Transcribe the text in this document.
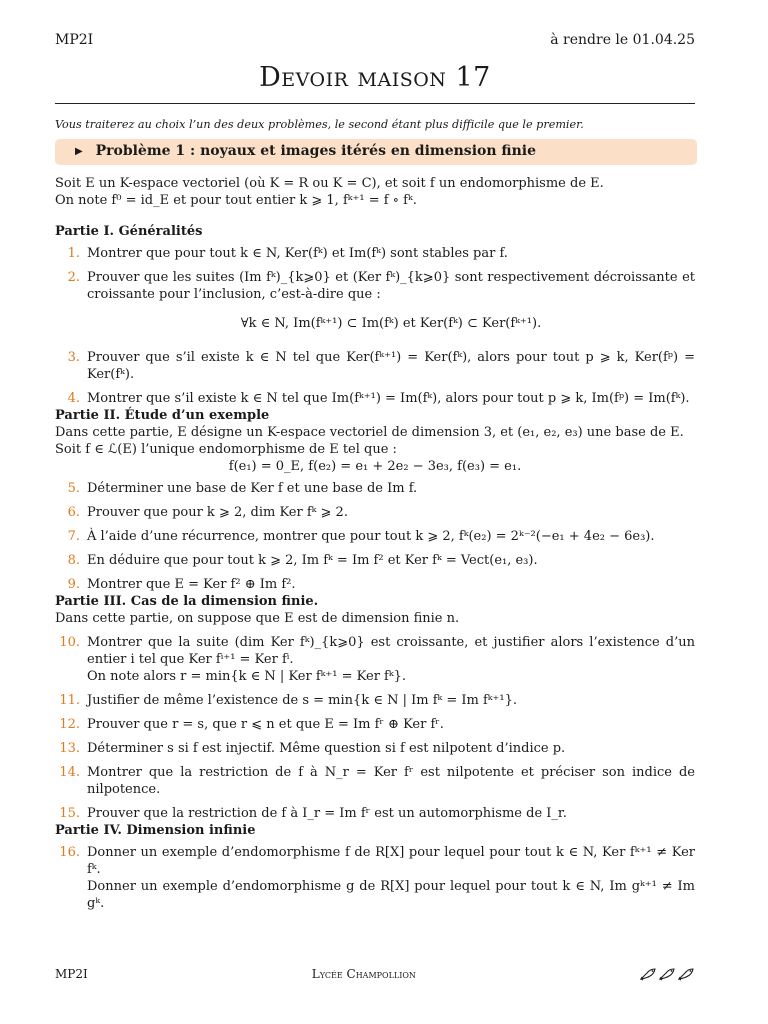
MP2I	à rendre le 01.04.25
Devoir maison 17
Vous traiterez au choix l’un des deux problèmes, le second étant plus difficile que le premier.
▶ Problème 1 : noyaux et images itérés en dimension finie

Soit E un K-espace vectoriel (où K = R ou K = C), et soit f un endomorphisme de E.

On note f⁰ = id_E et pour tout entier k ⩾ 1, fᵏ⁺¹ = f ∘ fᵏ.

Partie I. Généralités

1. Montrer que pour tout k ∈ N, Ker(fᵏ) et Im(fᵏ) sont stables par f.
2. Prouver que les suites (Im fᵏ)_{k⩾0} et (Ker fᵏ)_{k⩾0} sont respectivement décroissante et croissante pour l’inclusion, c’est-à-dire que :
∀k ∈ N, Im(fᵏ⁺¹) ⊂ Im(fᵏ) et Ker(fᵏ) ⊂ Ker(fᵏ⁺¹).
3. Prouver que s’il existe k ∈ N tel que Ker(fᵏ⁺¹) = Ker(fᵏ), alors pour tout p ⩾ k, Ker(fᵖ) = Ker(fᵏ).
4. Montrer que s’il existe k ∈ N tel que Im(fᵏ⁺¹) = Im(fᵏ), alors pour tout p ⩾ k, Im(fᵖ) = Im(fᵏ).

Partie II. Étude d’un exemple

Dans cette partie, E désigne un K-espace vectoriel de dimension 3, et (e₁, e₂, e₃) une base de E.

Soit f ∈ ℒ(E) l’unique endomorphisme de E tel que :

f(e₁) = 0_E, f(e₂) = e₁ + 2e₂ − 3e₃, f(e₃) = e₁.

5. Déterminer une base de Ker f et une base de Im f.
6. Prouver que pour k ⩾ 2, dim Ker fᵏ ⩾ 2.
7. À l’aide d’une récurrence, montrer que pour tout k ⩾ 2, fᵏ(e₂) = 2ᵏ⁻²(−e₁ + 4e₂ − 6e₃).
8. En déduire que pour tout k ⩾ 2, Im fᵏ = Im f² et Ker fᵏ = Vect(e₁, e₃).
9. Montrer que E = Ker f² ⊕ Im f².

Partie III. Cas de la dimension finie.

Dans cette partie, on suppose que E est de dimension finie n.

10. Montrer que la suite (dim Ker fᵏ)_{k⩾0} est croissante, et justifier alors l’existence d’un entier i tel que Ker fⁱ⁺¹ = Ker fⁱ.
On note alors r = min{k ∈ N | Ker fᵏ⁺¹ = Ker fᵏ}.
11. Justifier de même l’existence de s = min{k ∈ N | Im fᵏ = Im fᵏ⁺¹}.
12. Prouver que r = s, que r ⩽ n et que E = Im fʳ ⊕ Ker fʳ.
13. Déterminer s si f est injectif. Même question si f est nilpotent d’indice p.
14. Montrer que la restriction de f à N_r = Ker fʳ est nilpotente et préciser son indice de nilpotence.
15. Prouver que la restriction de f à I_r = Im fʳ est un automorphisme de I_r.

Partie IV. Dimension infinie

16. Donner un exemple d’endomorphisme f de R[X] pour lequel pour tout k ∈ N, Ker fᵏ⁺¹ ≠ Ker fᵏ.
Donner un exemple d’endomorphisme g de R[X] pour lequel pour tout k ∈ N, Im gᵏ⁺¹ ≠ Im gᵏ.
MP2I	Lycée Champollion
